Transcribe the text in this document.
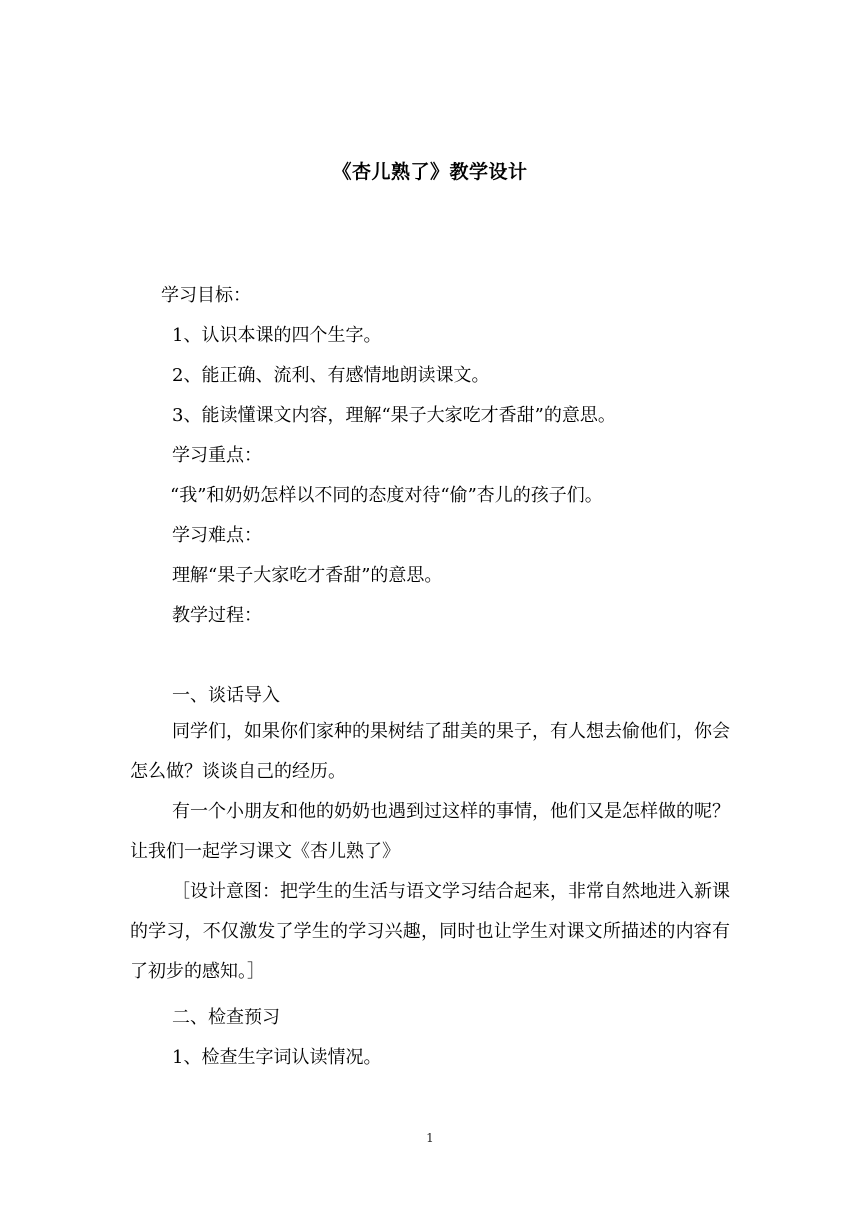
《杏儿熟了》教学设计
学习目标：
1、认识本课的四个生字。
2、能正确、流利、有感情地朗读课文。
3、能读懂课文内容，理解“果子大家吃才香甜”的意思。
学习重点：
“我”和奶奶怎样以不同的态度对待“偷”杏儿的孩子们。
学习难点：
理解“果子大家吃才香甜”的意思。
教学过程：
一、谈话导入

同学们，如果你们家种的果树结了甜美的果子，有人想去偷他们，你会怎么做？谈谈自己的经历。

有一个小朋友和他的奶奶也遇到过这样的事情，他们又是怎样做的呢？让我们一起学习课文《杏儿熟了》

［设计意图：把学生的生活与语文学习结合起来，非常自然地进入新课的学习，不仅激发了学生的学习兴趣，同时也让学生对课文所描述的内容有了初步的感知。］

二、检查预习
1、检查生字词认读情况。
1
